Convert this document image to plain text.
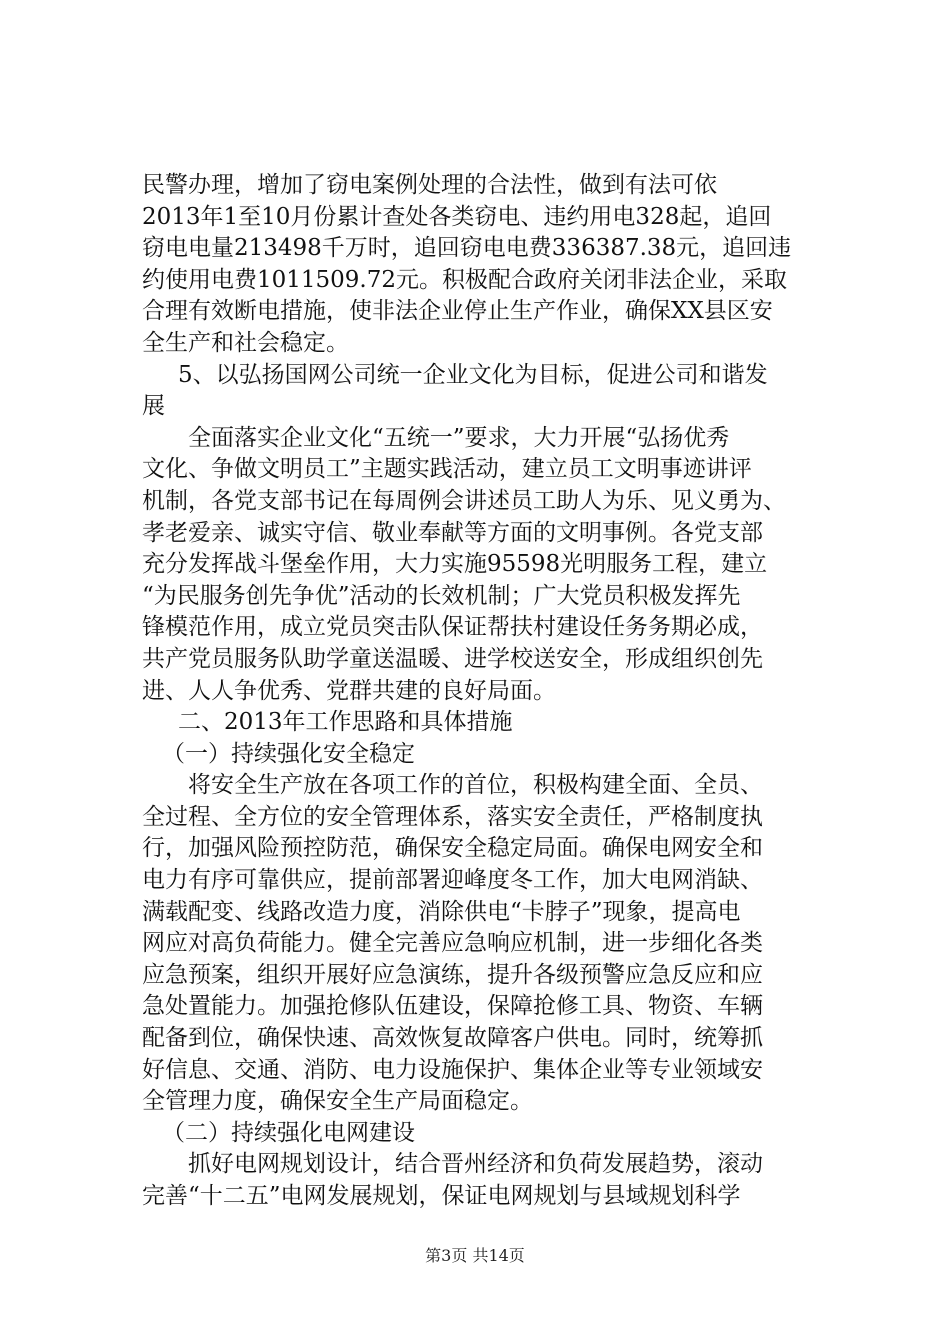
民警办理，增加了窃电案例处理的合法性，做到有法可依
2013年1至10月份累计查处各类窃电、违约用电328起，追回
窃电电量213498千万时，追回窃电电费336387.38元，追回违
约使用电费1011509.72元。积极配合政府关闭非法企业，采取
合理有效断电措施，使非法企业停止生产作业，确保XX县区安
全生产和社会稳定。
5、以弘扬国网公司统一企业文化为目标，促进公司和谐发
展
全面落实企业文化“五统一”要求，大力开展“弘扬优秀
文化、争做文明员工”主题实践活动，建立员工文明事迹讲评
机制，各党支部书记在每周例会讲述员工助人为乐、见义勇为、
孝老爱亲、诚实守信、敬业奉献等方面的文明事例。各党支部
充分发挥战斗堡垒作用，大力实施95598光明服务工程，建立
“为民服务创先争优”活动的长效机制；广大党员积极发挥先
锋模范作用，成立党员突击队保证帮扶村建设任务务期必成，
共产党员服务队助学童送温暖、进学校送安全，形成组织创先
进、人人争优秀、党群共建的良好局面。
二、2013年工作思路和具体措施
（一）持续强化安全稳定
将安全生产放在各项工作的首位，积极构建全面、全员、
全过程、全方位的安全管理体系，落实安全责任，严格制度执
行，加强风险预控防范，确保安全稳定局面。确保电网安全和
电力有序可靠供应，提前部署迎峰度冬工作，加大电网消缺、
满载配变、线路改造力度，消除供电“卡脖子”现象，提高电
网应对高负荷能力。健全完善应急响应机制，进一步细化各类
应急预案，组织开展好应急演练，提升各级预警应急反应和应
急处置能力。加强抢修队伍建设，保障抢修工具、物资、车辆
配备到位，确保快速、高效恢复故障客户供电。同时，统筹抓
好信息、交通、消防、电力设施保护、集体企业等专业领域安
全管理力度，确保安全生产局面稳定。
（二）持续强化电网建设
抓好电网规划设计，结合晋州经济和负荷发展趋势，滚动
完善“十二五”电网发展规划，保证电网规划与县域规划科学
第3页 共14页
